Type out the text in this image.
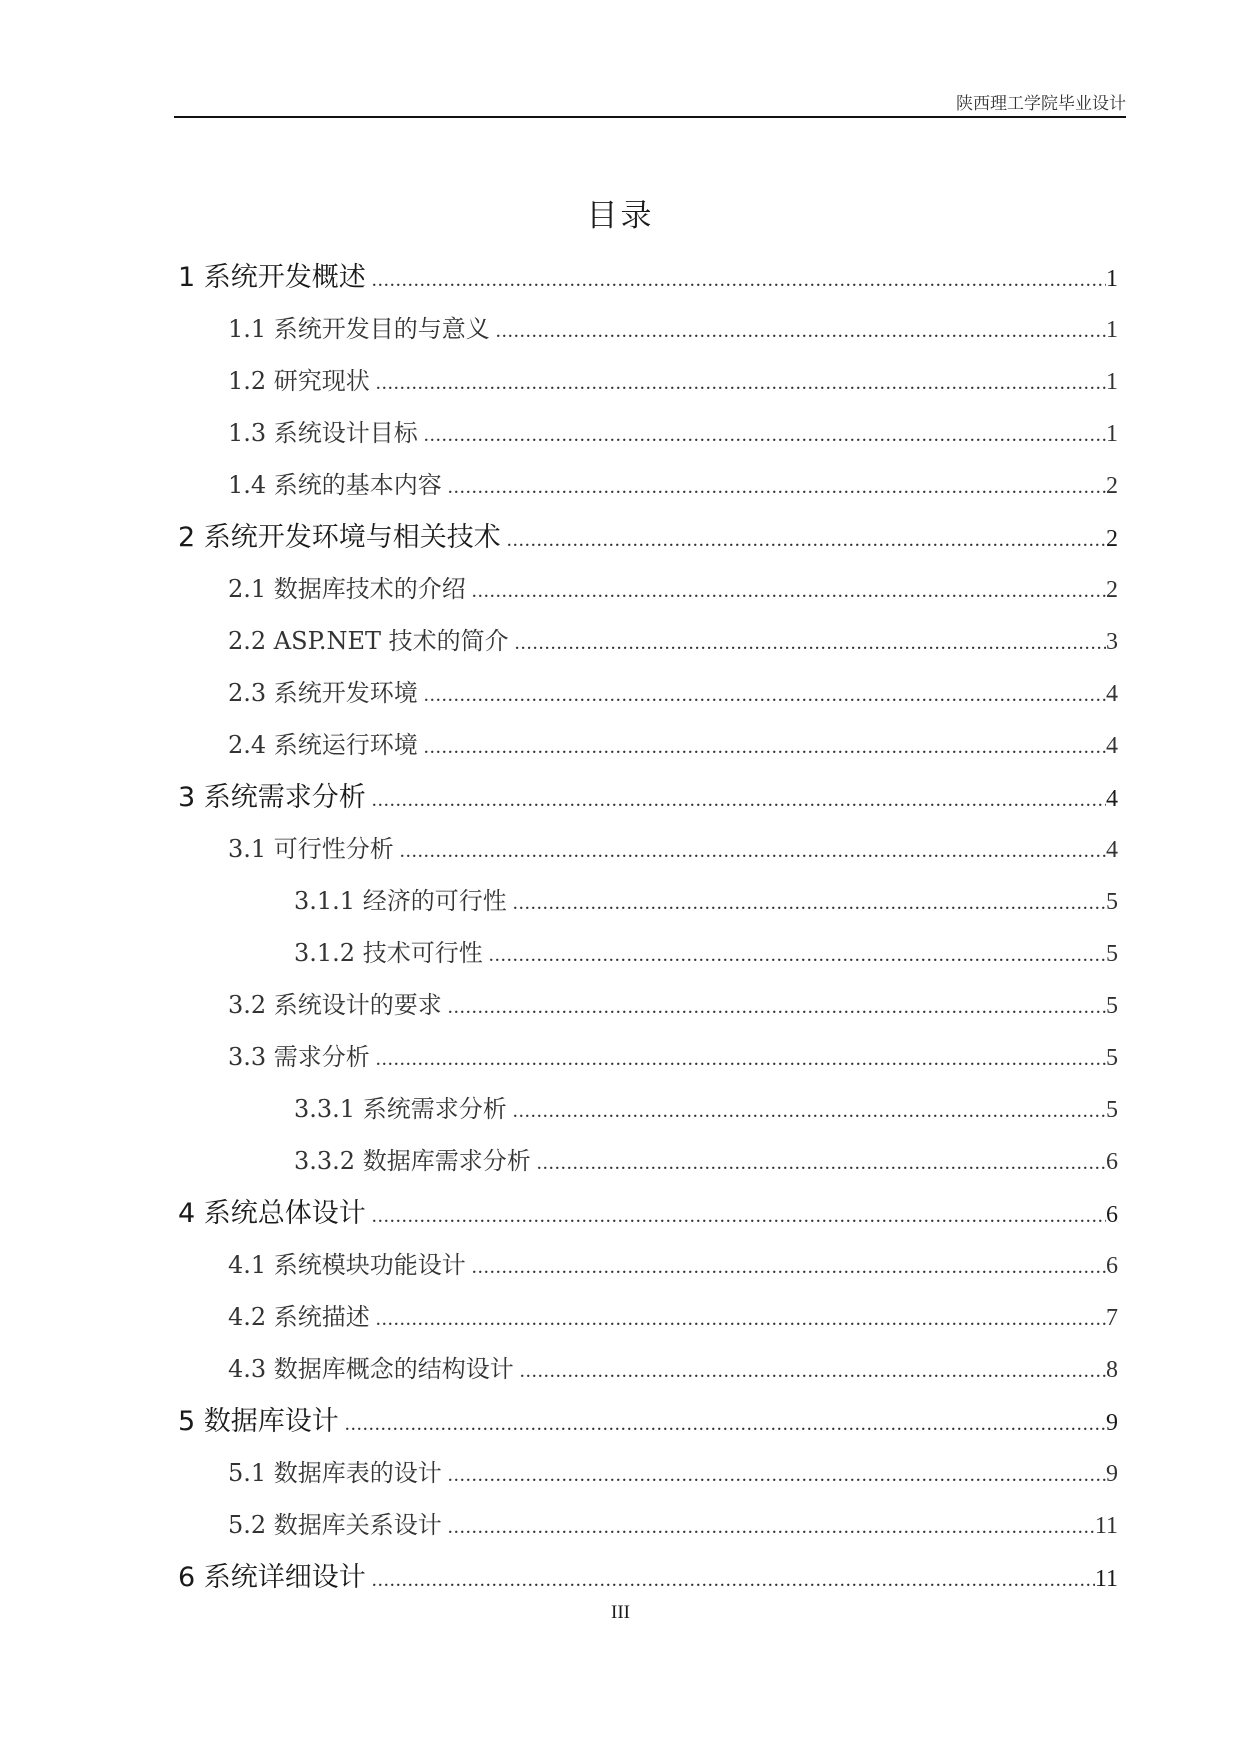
陕西理工学院毕业设计
目录
1 系统开发概述 .....	1
1.1 系统开发目的与意义 .....	1
1.2 研究现状 .....	1
1.3 系统设计目标 .....	1
1.4 系统的基本内容 .....	2
2 系统开发环境与相关技术 .....	2
2.1 数据库技术的介绍 .....	2
2.2 ASP.NET 技术的简介 .....	3
2.3 系统开发环境 .....	4
2.4 系统运行环境 .....	4
3 系统需求分析 .....	4
3.1 可行性分析 .....	4
3.1.1 经济的可行性 .....	5
3.1.2 技术可行性 .....	5
3.2 系统设计的要求 .....	5
3.3 需求分析 .....	5
3.3.1 系统需求分析 .....	5
3.3.2 数据库需求分析 .....	6
4 系统总体设计 .....	6
4.1 系统模块功能设计 .....	6
4.2 系统描述 .....	7
4.3 数据库概念的结构设计 .....	8
5 数据库设计 .....	9
5.1 数据库表的设计 .....	9
5.2 数据库关系设计 .....	11
6 系统详细设计 .....	11
III
